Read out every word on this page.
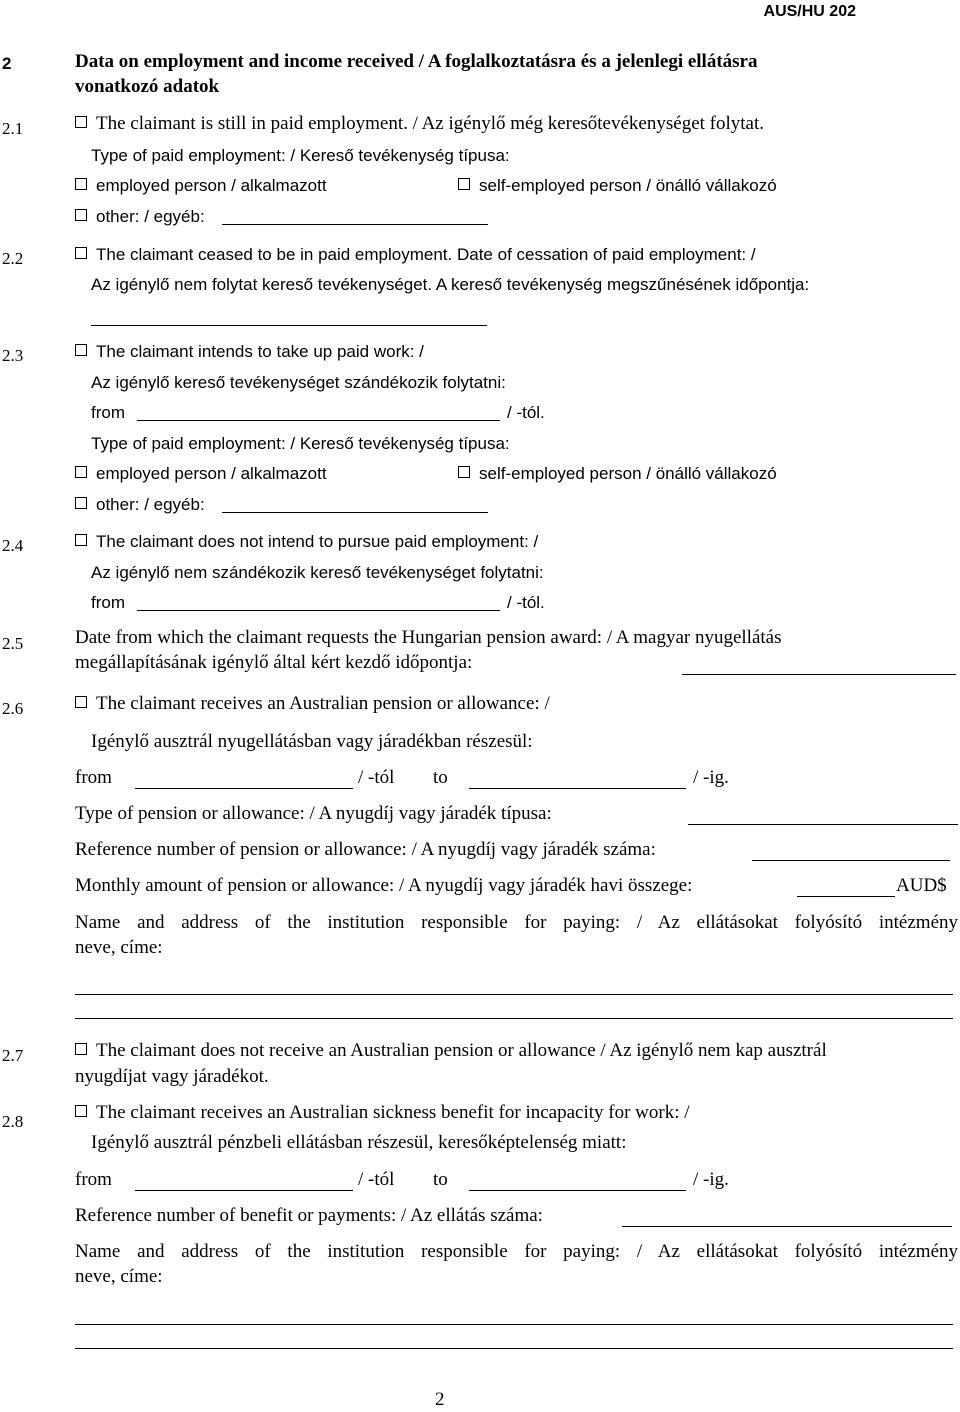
AUS/HU 202
2	Data on employment and income received / A foglalkoztatásra és a jelenlegi ellátásra
vonatkozó adatok
2.1	The claimant is still in paid employment. / Az igénylő még keresőtevékenységet folytat.
Type of paid employment: / Kereső tevékenység típusa:
employed person / alkalmazott	self-employed person / önálló vállakozó
other: / egyéb:
2.2	The claimant ceased to be in paid employment. Date of cessation of paid employment: /
Az igénylő nem folytat kereső tevékenységet. A kereső tevékenység megszűnésének időpontja:
2.3	The claimant intends to take up paid work: /
Az igénylő kereső tevékenységet szándékozik folytatni:
from	/ -tól.
Type of paid employment: / Kereső tevékenység típusa:
employed person / alkalmazott	self-employed person / önálló vállakozó
other: / egyéb:
2.4	The claimant does not intend to pursue paid employment: /
Az igénylő nem szándékozik kereső tevékenységet folytatni:
from	/ -tól.
2.5	Date from which the claimant requests the Hungarian pension award: / A magyar nyugellátás
megállapításának igénylő által kért kezdő időpontja:
2.6	The claimant receives an Australian pension or allowance: /
Igénylő ausztrál nyugellátásban vagy járadékban részesül:
from	/ -tól to	/ -ig.
Type of pension or allowance: / A nyugdíj vagy járadék típusa:
Reference number of pension or allowance: / A nyugdíj vagy járadék száma:
Monthly amount of pension or allowance: / A nyugdíj vagy járadék havi összege:	AUD$
Name and address of the institution responsible for paying: / Az ellátásokat folyósító intézmény
neve, címe:
2.7	The claimant does not receive an Australian pension or allowance / Az igénylő nem kap ausztrál
nyugdíjat vagy járadékot.
2.8	The claimant receives an Australian sickness benefit for incapacity for work: /
Igénylő ausztrál pénzbeli ellátásban részesül, keresőképtelenség miatt:
from	/ -tól to	/ -ig.
Reference number of benefit or payments: / Az ellátás száma:
Name and address of the institution responsible for paying: / Az ellátásokat folyósító intézmény
neve, címe:
2
